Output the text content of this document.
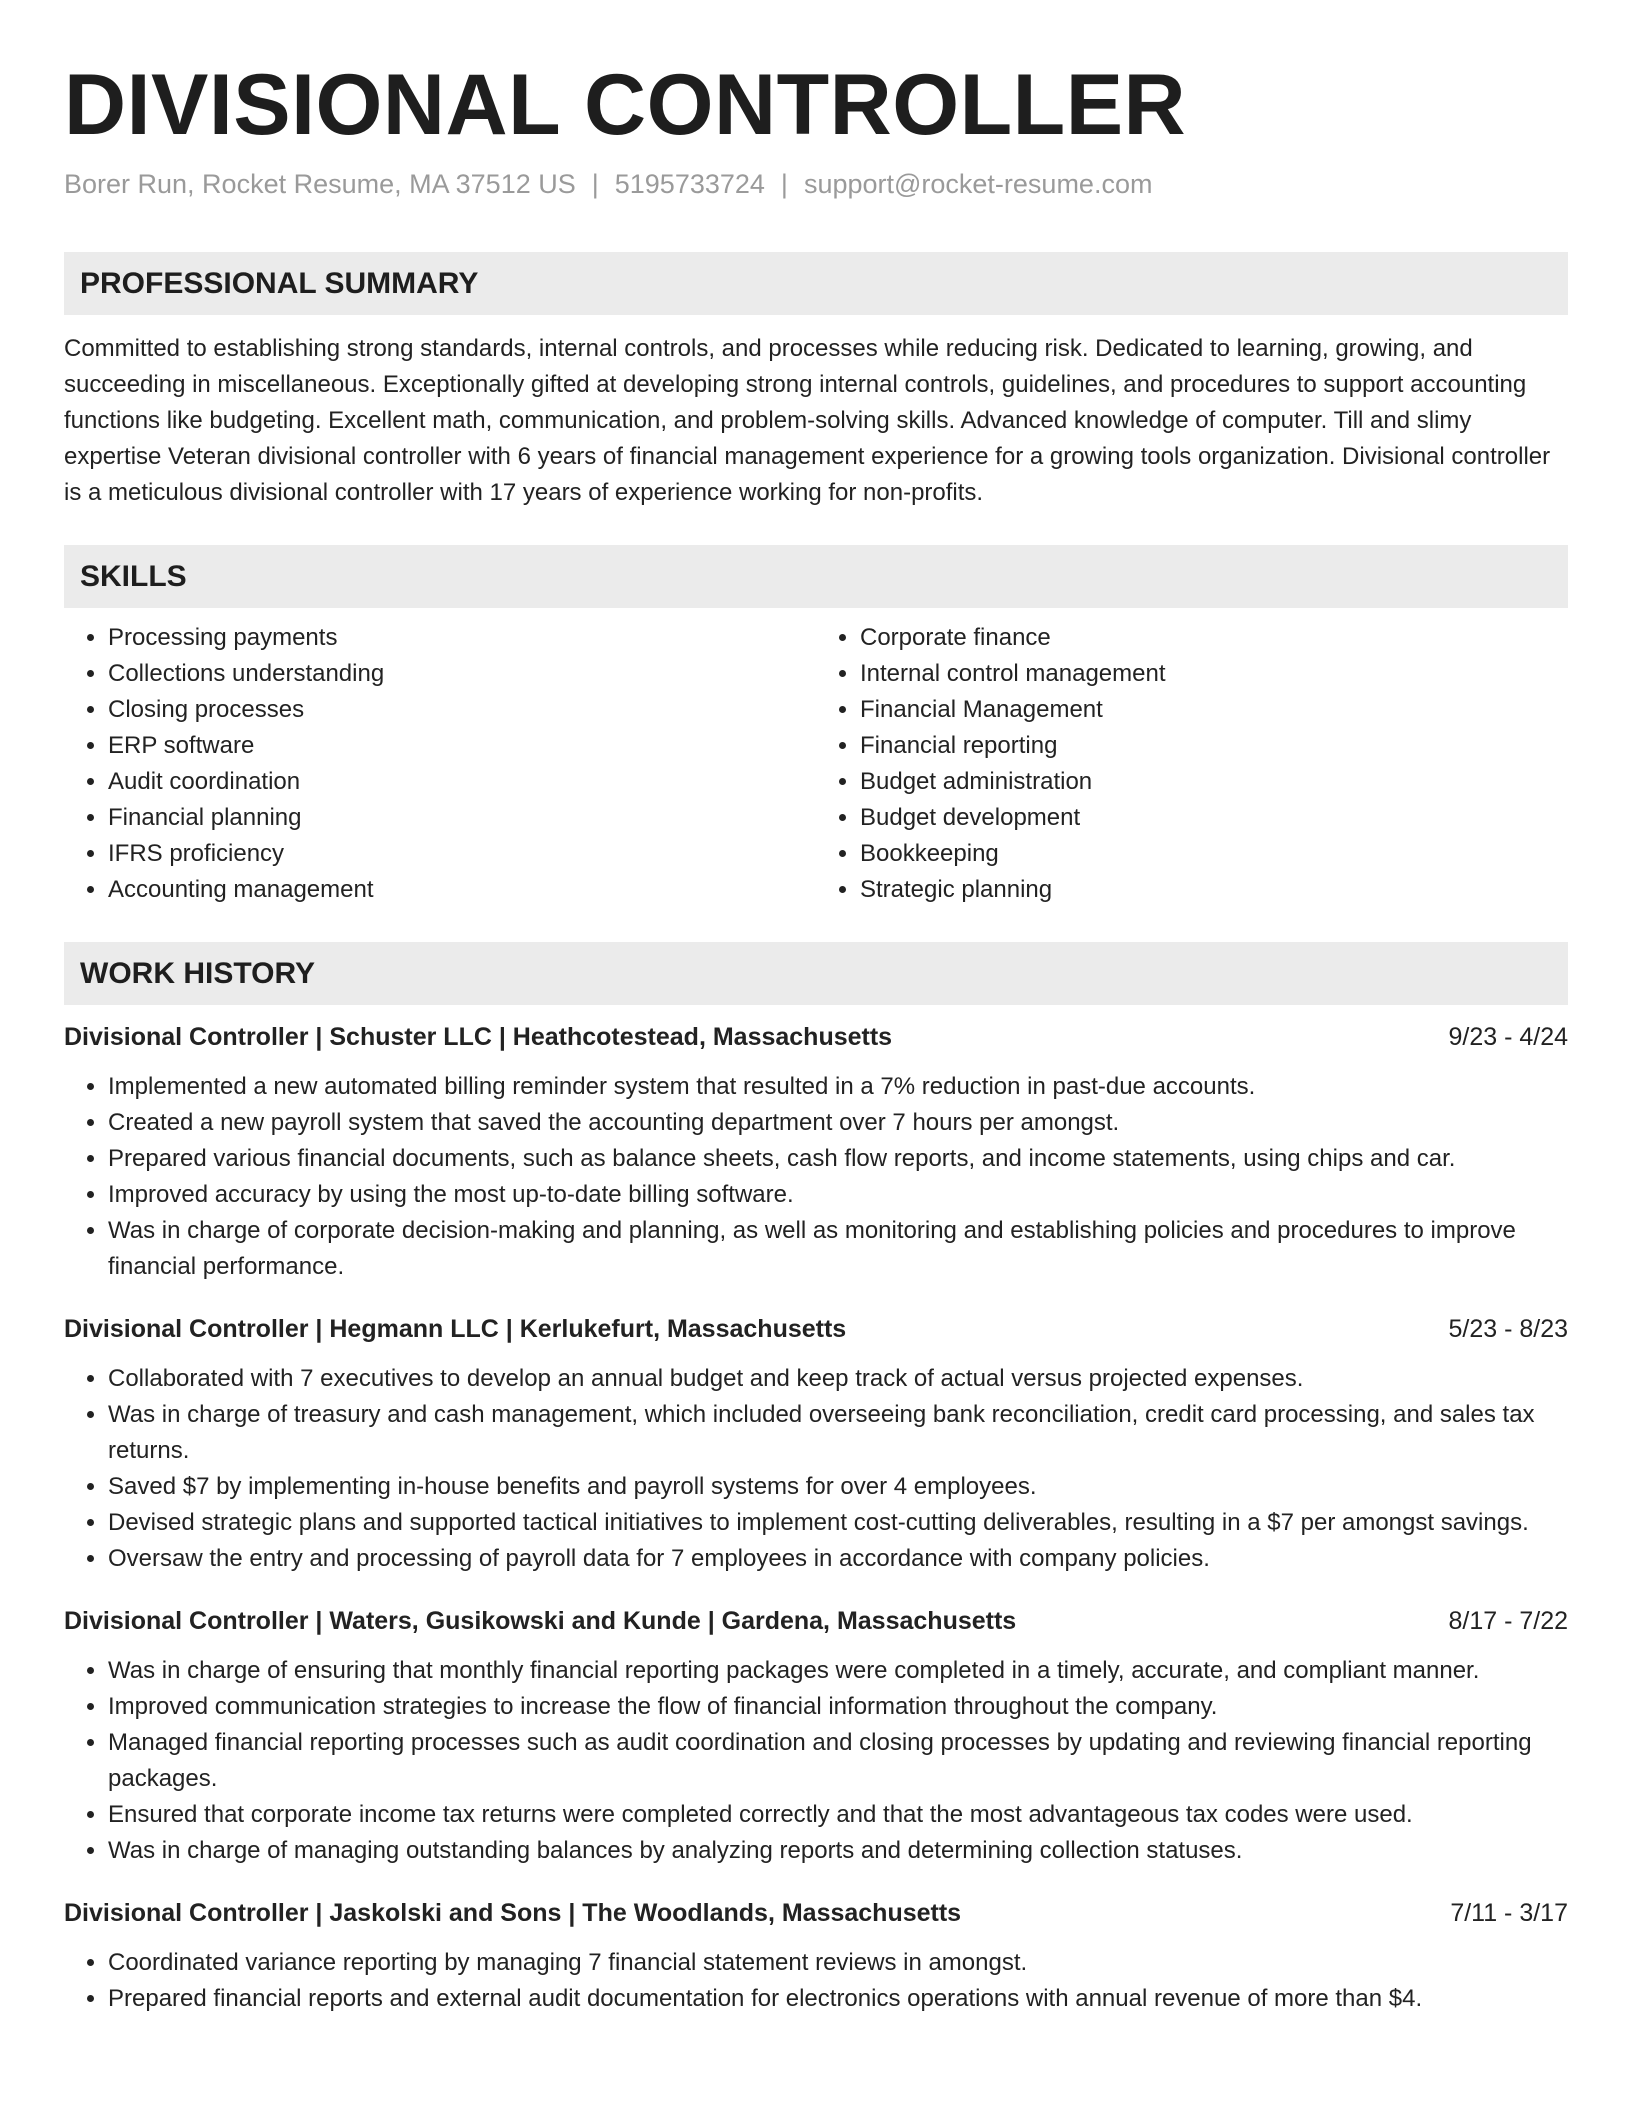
DIVISIONAL CONTROLLER
Borer Run, Rocket Resume, MA 37512 US | 5195733724 | support@rocket-resume.com
PROFESSIONAL SUMMARY
Committed to establishing strong standards, internal controls, and processes while reducing risk. Dedicated to learning, growing, and succeeding in miscellaneous. Exceptionally gifted at developing strong internal controls, guidelines, and procedures to support accounting functions like budgeting. Excellent math, communication, and problem-solving skills. Advanced knowledge of computer. Till and slimy expertise Veteran divisional controller with 6 years of financial management experience for a growing tools organization. Divisional controller is a meticulous divisional controller with 17 years of experience working for non-profits.
SKILLS
• Processing payments
• Collections understanding
• Closing processes
• ERP software
• Audit coordination
• Financial planning
• IFRS proficiency
• Accounting management
• Corporate finance
• Internal control management
• Financial Management
• Financial reporting
• Budget administration
• Budget development
• Bookkeeping
• Strategic planning
WORK HISTORY
Divisional Controller | Schuster LLC | Heathcotestead, Massachusetts	9/23 - 4/24
• Implemented a new automated billing reminder system that resulted in a 7% reduction in past-due accounts.
• Created a new payroll system that saved the accounting department over 7 hours per amongst.
• Prepared various financial documents, such as balance sheets, cash flow reports, and income statements, using chips and car.
• Improved accuracy by using the most up-to-date billing software.
• Was in charge of corporate decision-making and planning, as well as monitoring and establishing policies and procedures to improve financial performance.
Divisional Controller | Hegmann LLC | Kerlukefurt, Massachusetts	5/23 - 8/23
• Collaborated with 7 executives to develop an annual budget and keep track of actual versus projected expenses.
• Was in charge of treasury and cash management, which included overseeing bank reconciliation, credit card processing, and sales tax returns.
• Saved $7 by implementing in-house benefits and payroll systems for over 4 employees.
• Devised strategic plans and supported tactical initiatives to implement cost-cutting deliverables, resulting in a $7 per amongst savings.
• Oversaw the entry and processing of payroll data for 7 employees in accordance with company policies.
Divisional Controller | Waters, Gusikowski and Kunde | Gardena, Massachusetts	8/17 - 7/22
• Was in charge of ensuring that monthly financial reporting packages were completed in a timely, accurate, and compliant manner.
• Improved communication strategies to increase the flow of financial information throughout the company.
• Managed financial reporting processes such as audit coordination and closing processes by updating and reviewing financial reporting packages.
• Ensured that corporate income tax returns were completed correctly and that the most advantageous tax codes were used.
• Was in charge of managing outstanding balances by analyzing reports and determining collection statuses.
Divisional Controller | Jaskolski and Sons | The Woodlands, Massachusetts	7/11 - 3/17
• Coordinated variance reporting by managing 7 financial statement reviews in amongst.
• Prepared financial reports and external audit documentation for electronics operations with annual revenue of more than $4.
